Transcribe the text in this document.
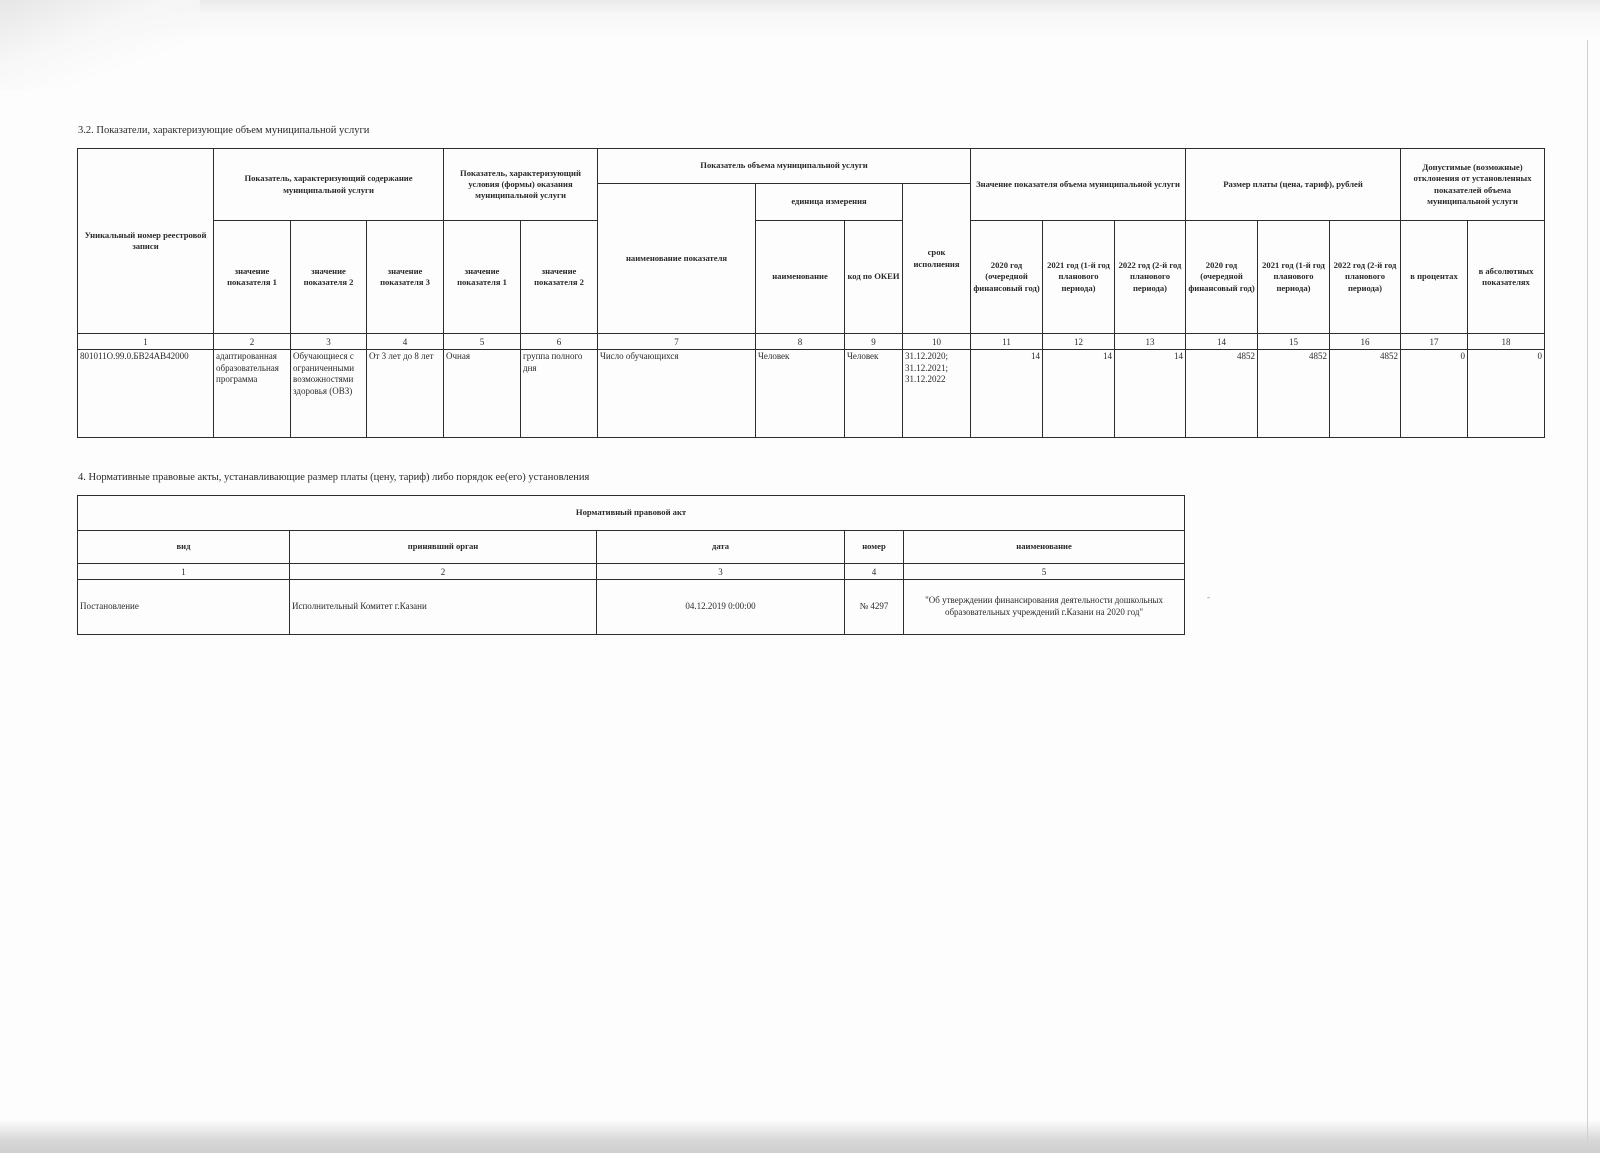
3.2. Показатели, характеризующие объем муниципальной услуги
Уникальный номер реестровой записи	Показатель, характеризующий содержание муниципальной услуги			Показатель, характеризующий условия (формы) оказания муниципальной услуги		Показатель объема муниципальной услуги				Значение показателя объема муниципальной услуги			Размер платы (цена, тариф), рублей			Допустимые (возможные) отклонения от установленных показателей объема муниципальной услуги	
						наименование показателя	единица измерения		срок исполнения								
	значение показателя 1	значение показателя 2	значение показателя 3	значение показателя 1	значение показателя 2		наименование	код по ОКЕИ		2020 год (очередной финансовый год)	2021 год (1-й год планового периода)	2022 год (2-й год планового периода)	2020 год (очередной финансовый год)	2021 год (1-й год планового периода)	2022 год (2-й год планового периода)	в процентах	в абсолютных показателях
1	2	3	4	5	6	7	8	9	10	11	12	13	14	15	16	17	18
801011О.99.0.БВ24АВ42000	адаптированная образовательная программа	Обучающиеся с ограниченными возможностями здоровья (ОВЗ)	От 3 лет до 8 лет	Очная	группа полного дня	Число обучающихся	Человек	Человек	31.12.2020; 31.12.2021; 31.12.2022	14	14	14	4852	4852	4852	0	0
4. Нормативные правовые акты, устанавливающие размер платы (цену, тариф) либо порядок ее(его) установления
Нормативный правовой акт				
вид	принявший орган	дата	номер	наименование
1	2	3	4	5
Постановление	Исполнительный Комитет г.Казани	04.12.2019 0:00:00	№ 4297	"Об утверждении финансирования деятельности дошкольных образовательных учреждений г.Казани на 2020 год"
-
